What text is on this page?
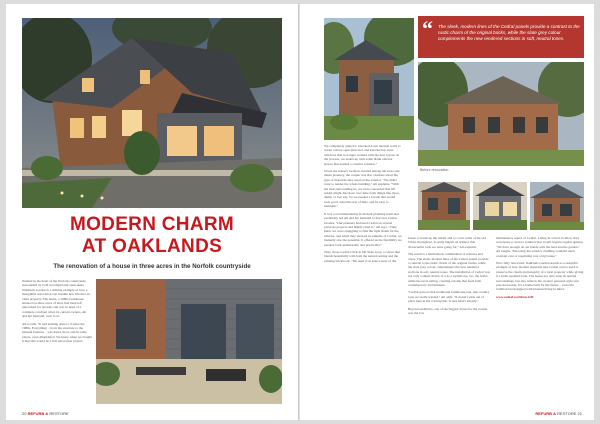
MODERN CHARM
AT OAKLANDS
The renovation of a house in three acres in the Norfolk countryside

Nestled in the heart of the Norfolk countryside, surrounded by both woodland and open skies, Oaklands Garden is a striking example of how a thoughtful renovation can breathe new life into an older property. The home, a 1980s farmhouse situated on three acres of land, had been left untouched for decades and was in need of a complete overhaul when its current owners, Ali and her husband, took it on.

Ali recalls, "It had nothing done to it since the 1980s. Everything – from the structure to the internal features – was dated, tired, and in some places, even dilapidated. We knew when we bought it that this would be a full renovation project.

20 REFURB & RESTORE

We completely gutted it, knocked down internal walls to create a more open-plan feel, and knocked up extra windows that no longer worked with the new layout. In the process, we ended up with some blank exterior spaces that needed a creative solution."

Given the house's location, nestled among tall trees and dense greenery, the couple was also cautious about the type of materials they used on the exterior. "We didn't want to render the whole building," Ali explains, "With the trees surrounding us, we were concerned that lift render might discolour over time from things like moss, damp, or tree sap. So we needed a facade that would look good, stand the test of time, and be easy to maintain."

It was a recommendation from their planning team that eventually led Ali and her husband to discover Cedral facades. "Our planners had used Cedral on several previous projects and highly rated it," Ali says. "They knew we were struggling to find the right finish for the exterior, and when they showed us samples of Cedral, we instantly saw the potential. It offered us the flexibility we needed, both aesthetically and practically."

They chose Cedral Click in Oil Slate Grey, a colour that blends beautifully with both the natural setting and the existing brickwork. "We used it on select areas of the

“ The sleek, modern lines of the Cedral panels provide a contrast to the rustic charm of the original bricks, while the slate grey colour complements the new rendered sections in soft, neutral tones.
Before renovation

house to break up the render and to cover some of the old bricks throughout. It really helped us achieve that characterful look we were going for," Ali explains.

The result is a harmonious combination of textures and tones. The sleek, modern lines of the Cedral panels provide a contrast to the rustic charm of the original bricks, while the slate grey colour complements the new rendered sections in soft, neutral tones. The installation of Cedral was not only a smart choice. It was a stylish one, too, the home, while the rural setting, creating a home that feels both contemporary and timeless.

"Cedral gave us that traditional farmhouse feel, that country look we really wanted," Ali adds. "It doesn't stick out of place here in the countryside. It sure hasn't already."

Beyond aesthetics, one of the biggest draws for the couple was the low

maintenance aspect of Cedral. Living in a rural location, they were keen to avoid a solution that would require regular upkeep. "We have enough on our hands with the land and the garden," Ali laughs. "Knowing the exterior cladding wouldn't need constant care or repainting was a big bonus."

Now fully renovated, Oaklands Garden stands as a beautiful example of how modern materials like Cedral can be used to preserve the charm and integrity of a rural property while giving it a fresh, updated look. The house not only suits its natural surroundings, but also reflects the owners' personal style and practical needs. It's a home built for the future – rooted in tradition but designed with modern living in mind.

www.cedral.world/en-GB/

REFURB & RESTORE 21
